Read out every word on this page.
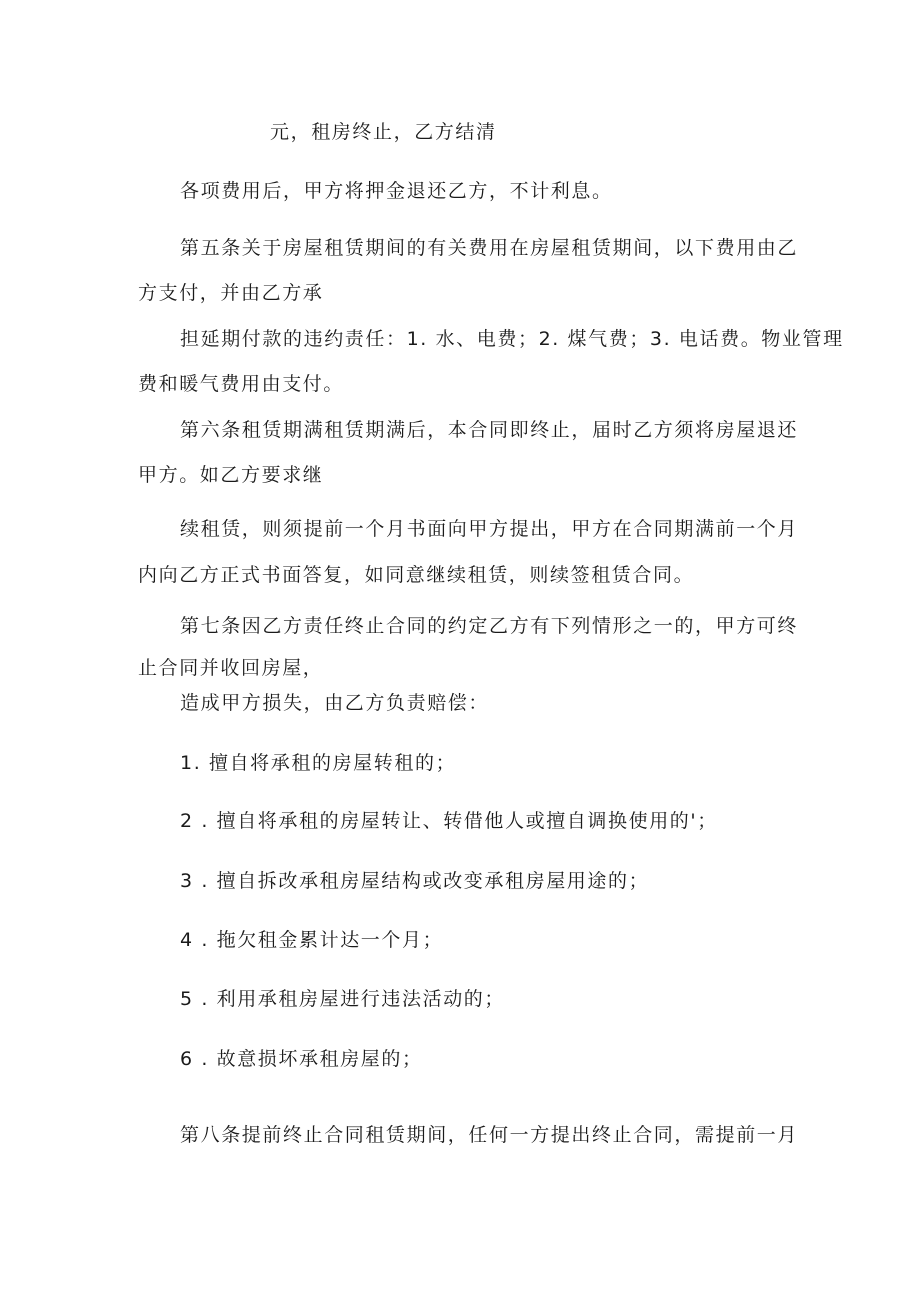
元，租房终止，乙方结清
各项费用后，甲方将押金退还乙方，不计利息。
第五条关于房屋租赁期间的有关费用在房屋租赁期间，以下费用由乙
方支付，并由乙方承
担延期付款的违约责任：1. 水、电费；2. 煤气费；3. 电话费。物业管理
费和暖气费用由支付。
第六条租赁期满租赁期满后，本合同即终止，届时乙方须将房屋退还
甲方。如乙方要求继
续租赁，则须提前一个月书面向甲方提出，甲方在合同期满前一个月
内向乙方正式书面答复，如同意继续租赁，则续签租赁合同。
第七条因乙方责任终止合同的约定乙方有下列情形之一的，甲方可终
止合同并收回房屋，
造成甲方损失，由乙方负责赔偿：
1. 擅自将承租的房屋转租的；
2 . 擅自将承租的房屋转让、转借他人或擅自调换使用的'；
3 . 擅自拆改承租房屋结构或改变承租房屋用途的；
4 . 拖欠租金累计达一个月；
5 . 利用承租房屋进行违法活动的；
6 . 故意损坏承租房屋的；
第八条提前终止合同租赁期间，任何一方提出终止合同，需提前一月
